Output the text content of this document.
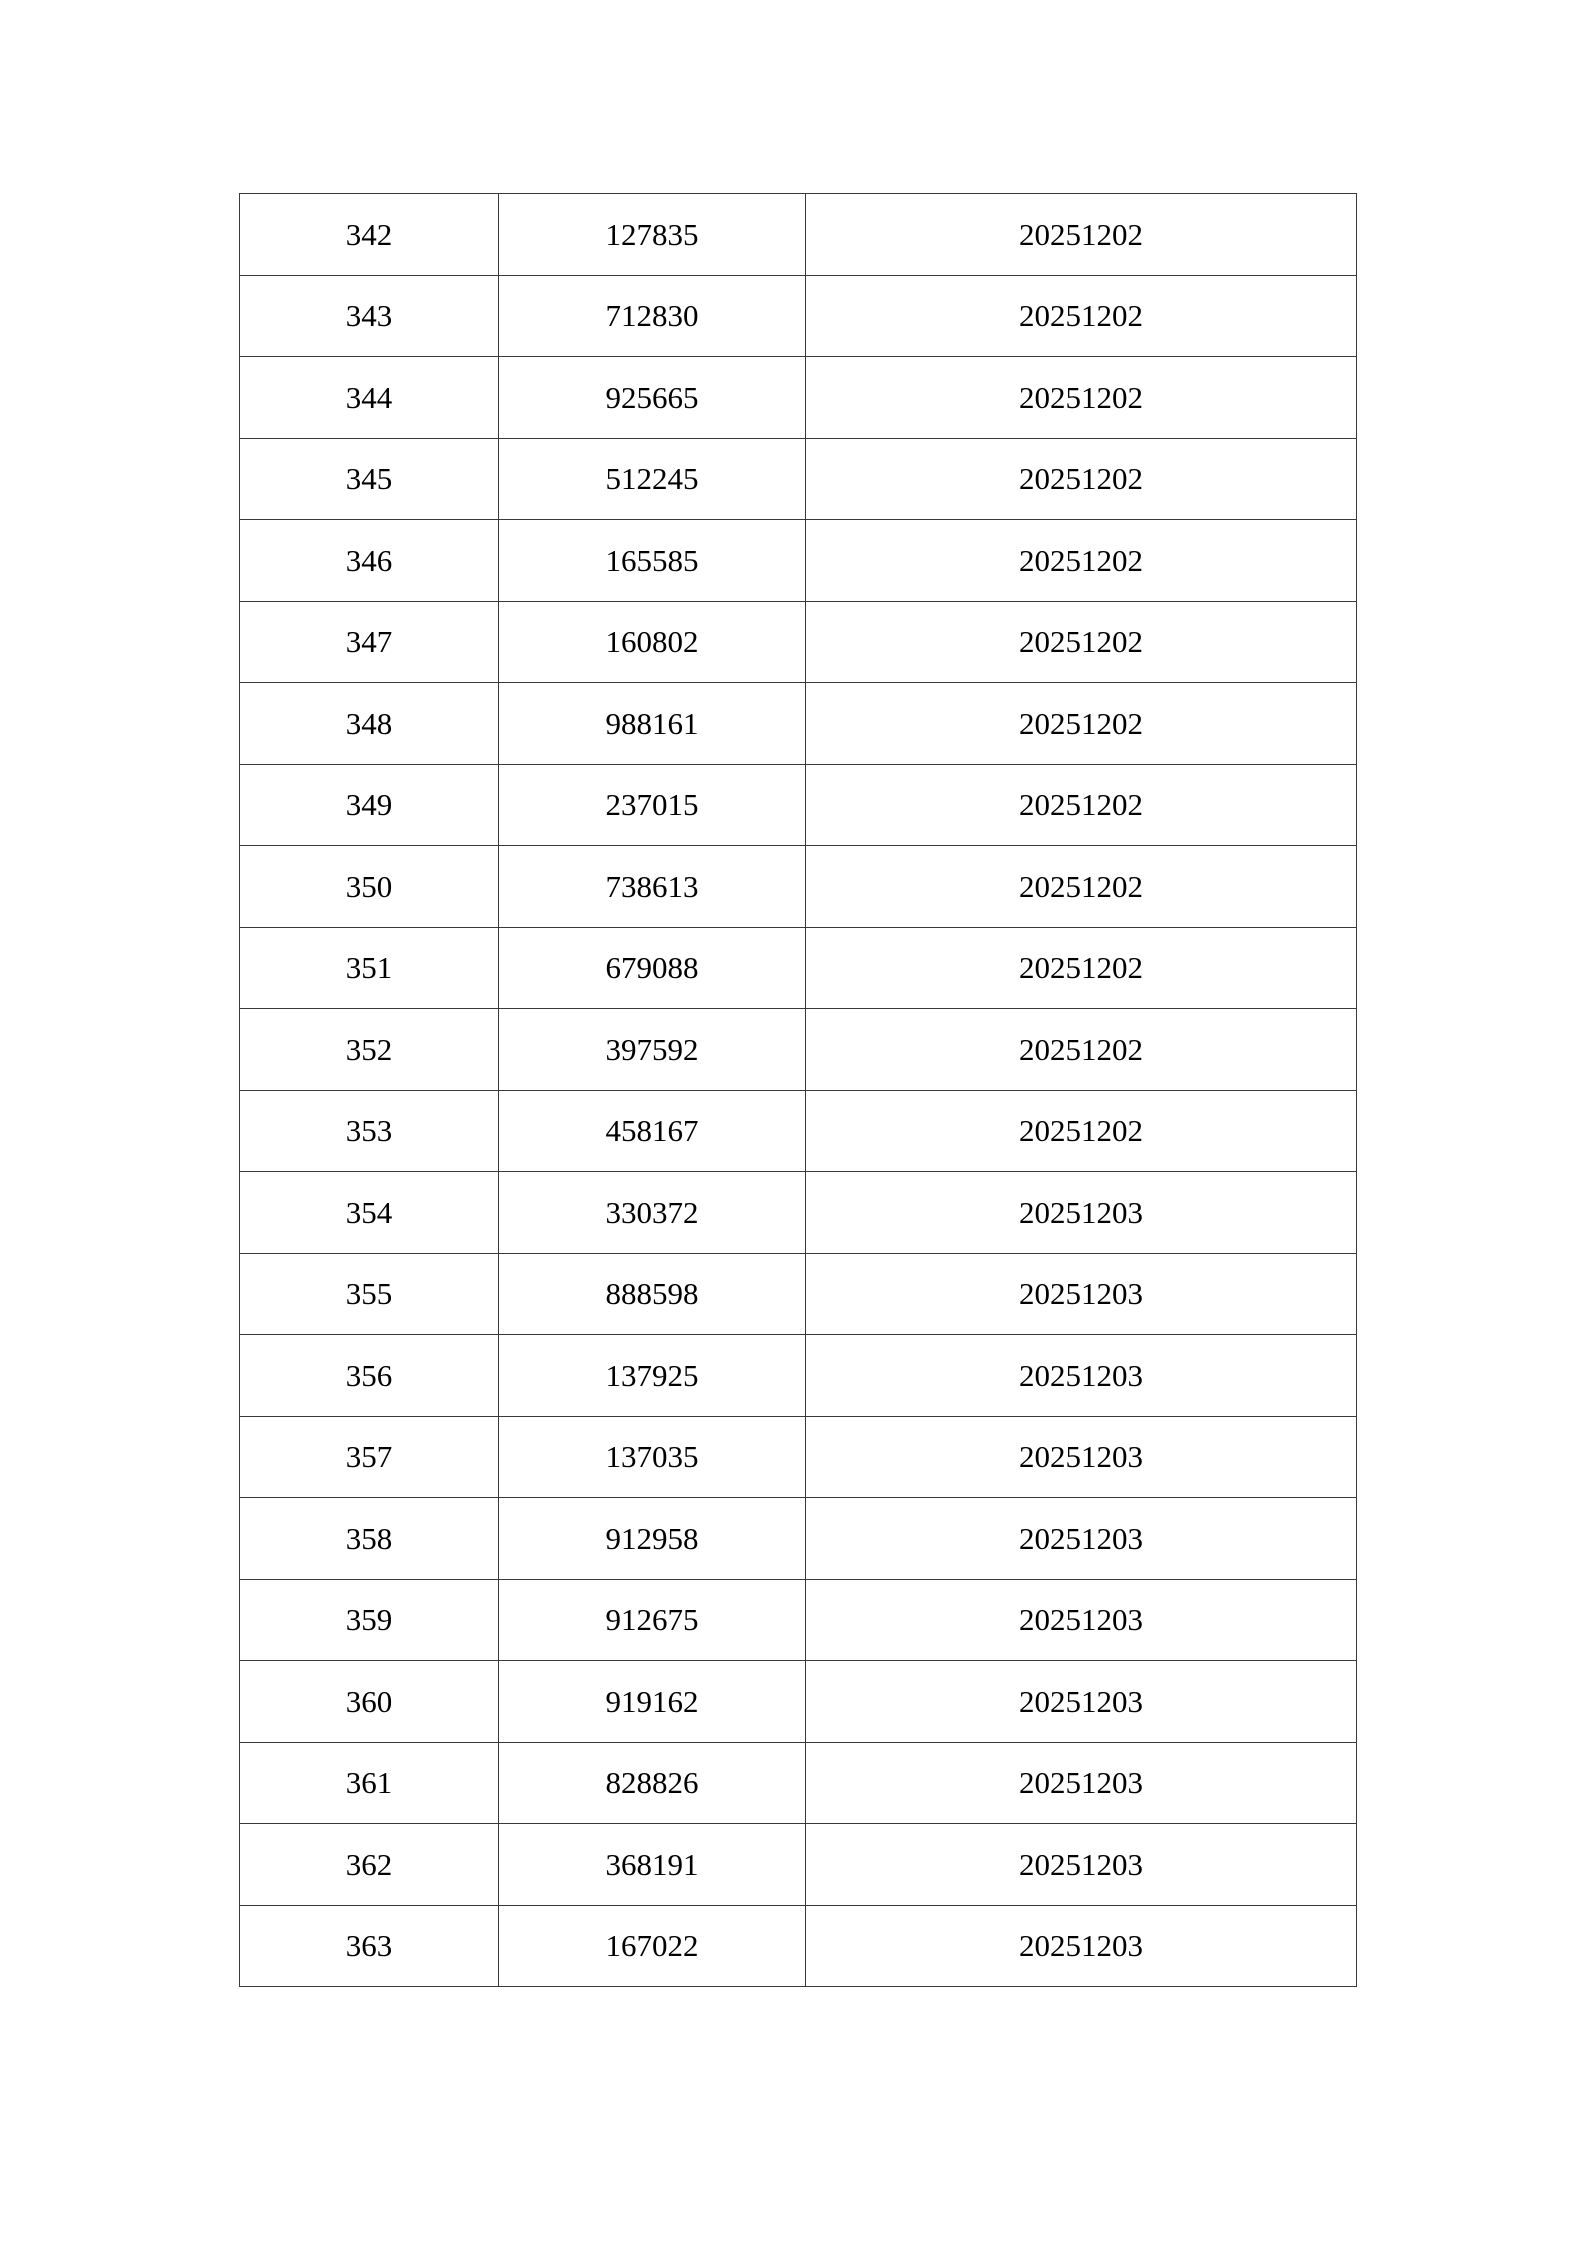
342	127835	20251202
343	712830	20251202
344	925665	20251202
345	512245	20251202
346	165585	20251202
347	160802	20251202
348	988161	20251202
349	237015	20251202
350	738613	20251202
351	679088	20251202
352	397592	20251202
353	458167	20251202
354	330372	20251203
355	888598	20251203
356	137925	20251203
357	137035	20251203
358	912958	20251203
359	912675	20251203
360	919162	20251203
361	828826	20251203
362	368191	20251203
363	167022	20251203
